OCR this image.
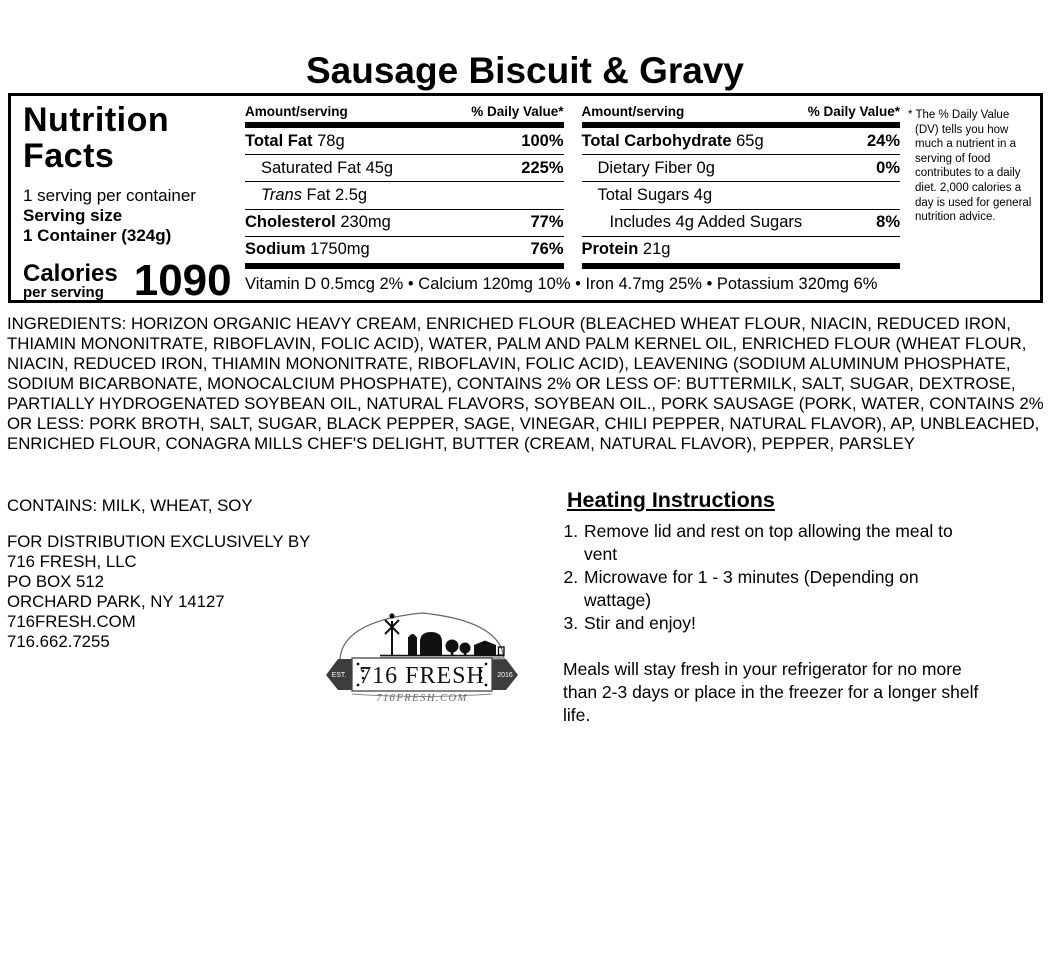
Sausage Biscuit & Gravy
Nutrition
Facts
1 serving per container
Serving size
1 Container (324g)
Calories
per serving 1090
Amount/serving	% Daily Value*
Total Fat 78g	100%
Saturated Fat 45g	225%
Trans Fat 2.5g
Cholesterol 230mg	77%
Sodium 1750mg	76%
Amount/serving	% Daily Value*
Total Carbohydrate 65g	24%
Dietary Fiber 0g	0%
Total Sugars 4g
Includes 4g Added Sugars	8%
Protein 21g
Vitamin D 0.5mcg 2% • Calcium 120mg 10% • Iron 4.7mg 25% • Potassium 320mg 6%
* The % Daily Value (DV) tells you how much a nutrient in a serving of food contributes to a daily diet. 2,000 calories a day is used for general nutrition advice.
INGREDIENTS: HORIZON ORGANIC HEAVY CREAM, ENRICHED FLOUR (BLEACHED WHEAT FLOUR, NIACIN, REDUCED IRON, THIAMIN MONONITRATE, RIBOFLAVIN, FOLIC ACID), WATER, PALM AND PALM KERNEL OIL, ENRICHED FLOUR (WHEAT FLOUR, NIACIN, REDUCED IRON, THIAMIN MONONITRATE, RIBOFLAVIN, FOLIC ACID), LEAVENING (SODIUM ALUMINUM PHOSPHATE, SODIUM BICARBONATE, MONOCALCIUM PHOSPHATE), CONTAINS 2% OR LESS OF: BUTTERMILK, SALT, SUGAR, DEXTROSE, PARTIALLY HYDROGENATED SOYBEAN OIL, NATURAL FLAVORS, SOYBEAN OIL., PORK SAUSAGE (PORK, WATER, CONTAINS 2% OR LESS: PORK BROTH, SALT, SUGAR, BLACK PEPPER, SAGE, VINEGAR, CHILI PEPPER, NATURAL FLAVOR), AP, UNBLEACHED, ENRICHED FLOUR, CONAGRA MILLS CHEF'S DELIGHT, BUTTER (CREAM, NATURAL FLAVOR), PEPPER, PARSLEY
CONTAINS: MILK, WHEAT, SOY
FOR DISTRIBUTION EXCLUSIVELY BY
716 FRESH, LLC
PO BOX 512
ORCHARD PARK, NY 14127
716FRESH.COM
716.662.7255
EST.	2016
716 FRESH
716FRESH.COM
Heating Instructions
1. Remove lid and rest on top allowing the meal to vent
2. Microwave for 1 - 3 minutes (Depending on wattage)
3. Stir and enjoy!
Meals will stay fresh in your refrigerator for no more than 2-3 days or place in the freezer for a longer shelf life.
